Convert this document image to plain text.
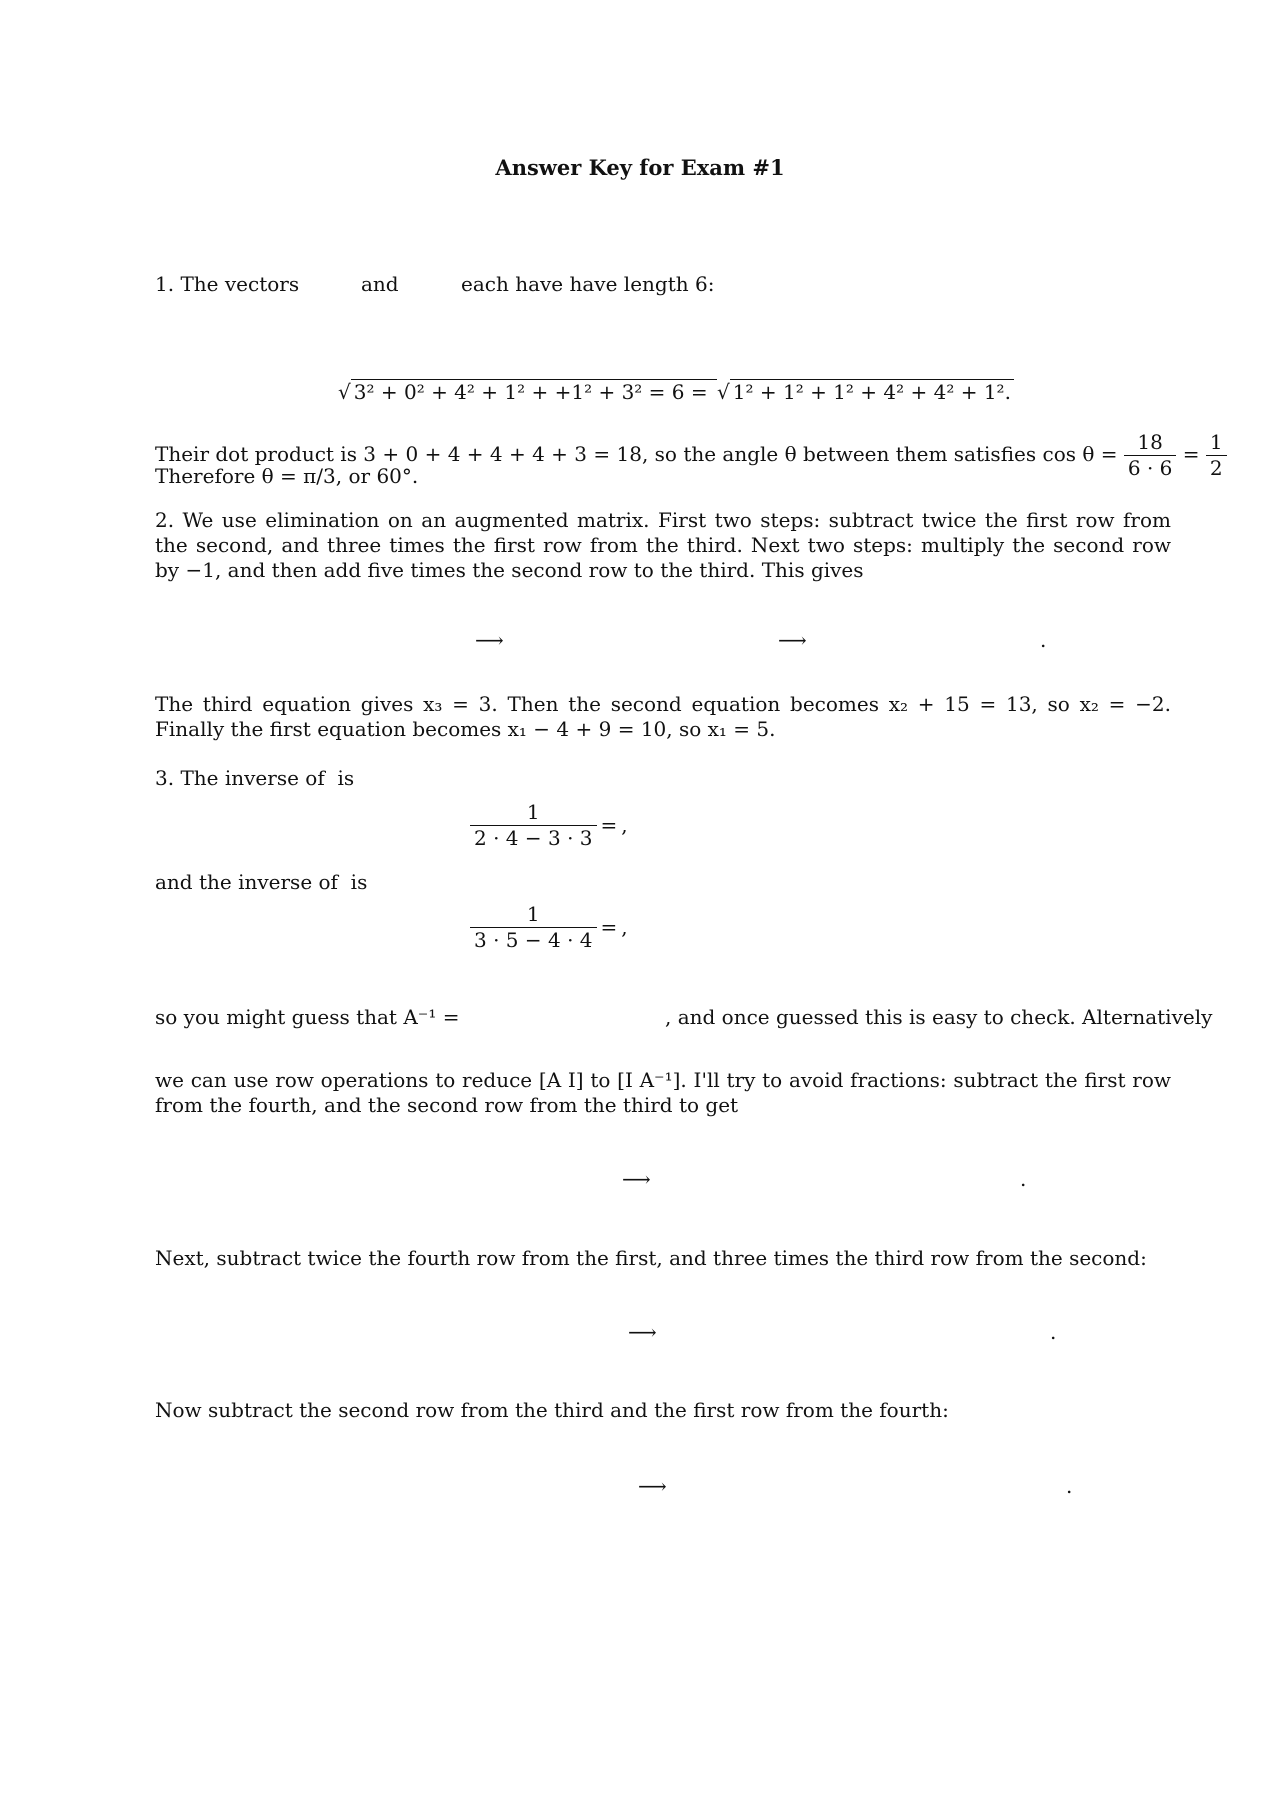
Answer Key for Exam #1
1. The vectors	and	each have have length 6:
√ 3² + 0² + 4² + 1² + +1² + 3² = 6 = √ 1² + 1² + 1² + 4² + 4² + 1².
Their dot product is 3 + 0 + 4 + 4 + 4 + 3 = 18, so the angle θ between them satisfies $\cos \theta = \frac{18}{6 \cdot 6} = \frac{1}{2}$
Therefore θ = π/3, or 60°.
2. We use elimination on an augmented matrix. First two steps: subtract twice the first row from the second, and three times the first row from the third. Next two steps: multiply the second row by −1, and then add five times the second row to the third. This gives
⟶	⟶	.
The third equation gives x₃ = 3. Then the second equation becomes x₂ + 15 = 13, so x₂ = −2. Finally the first equation becomes x₁ − 4 + 9 = 10, so x₁ = 5.
3. The inverse of is
$\frac{1}{2 \cdot 4 - 3 \cdot 3}$ = ,
and the inverse of is
$\frac{1}{3 \cdot 5 - 4 \cdot 4}$ = ,
so you might guess that A⁻¹ =	, and once guessed this is easy to check. Alternatively
we can use row operations to reduce [A I] to [I A⁻¹]. I'll try to avoid fractions: subtract the first row from the fourth, and the second row from the third to get
⟶	.
Next, subtract twice the fourth row from the first, and three times the third row from the second:
⟶	.
Now subtract the second row from the third and the first row from the fourth:
⟶	.
